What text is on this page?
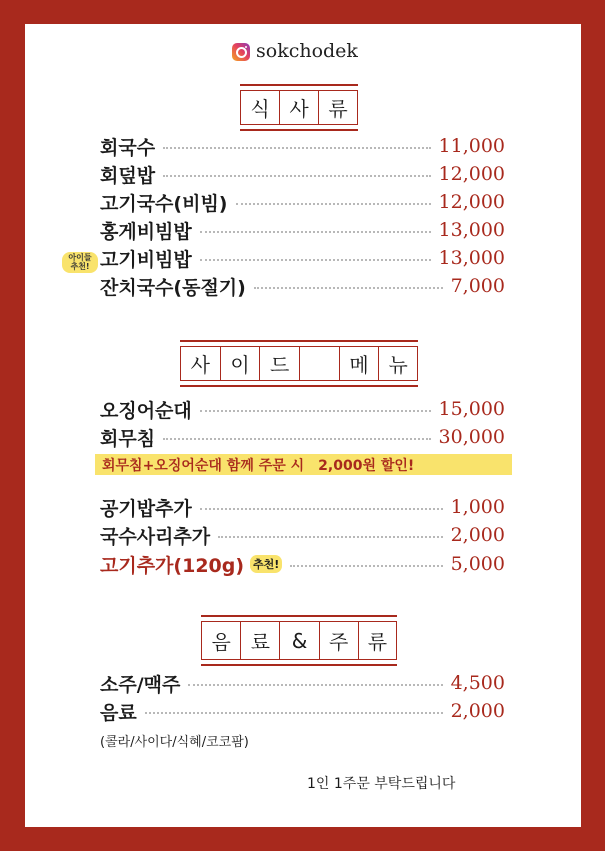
sokchodek
식 사 류
회국수	11,000
회덮밥	12,000
고기국수(비빔)	12,000
홍게비빔밥	13,000
아이들
추천! 고기비빔밥	13,000
잔치국수(동절기)	7,000
사	이	드	메 뉴
오징어순대	15,000
회무침	30,000
회무침+오징어순대 함께 주문 시 2,000원 할인!
공기밥추가	1,000
국수사리추가	2,000
고기추가(120g) 추천!	5,000
음 료	&	주 류
소주/맥주	4,500
음료	2,000
(콜라/사이다/식혜/코코팜)
1인 1주문 부탁드립니다
